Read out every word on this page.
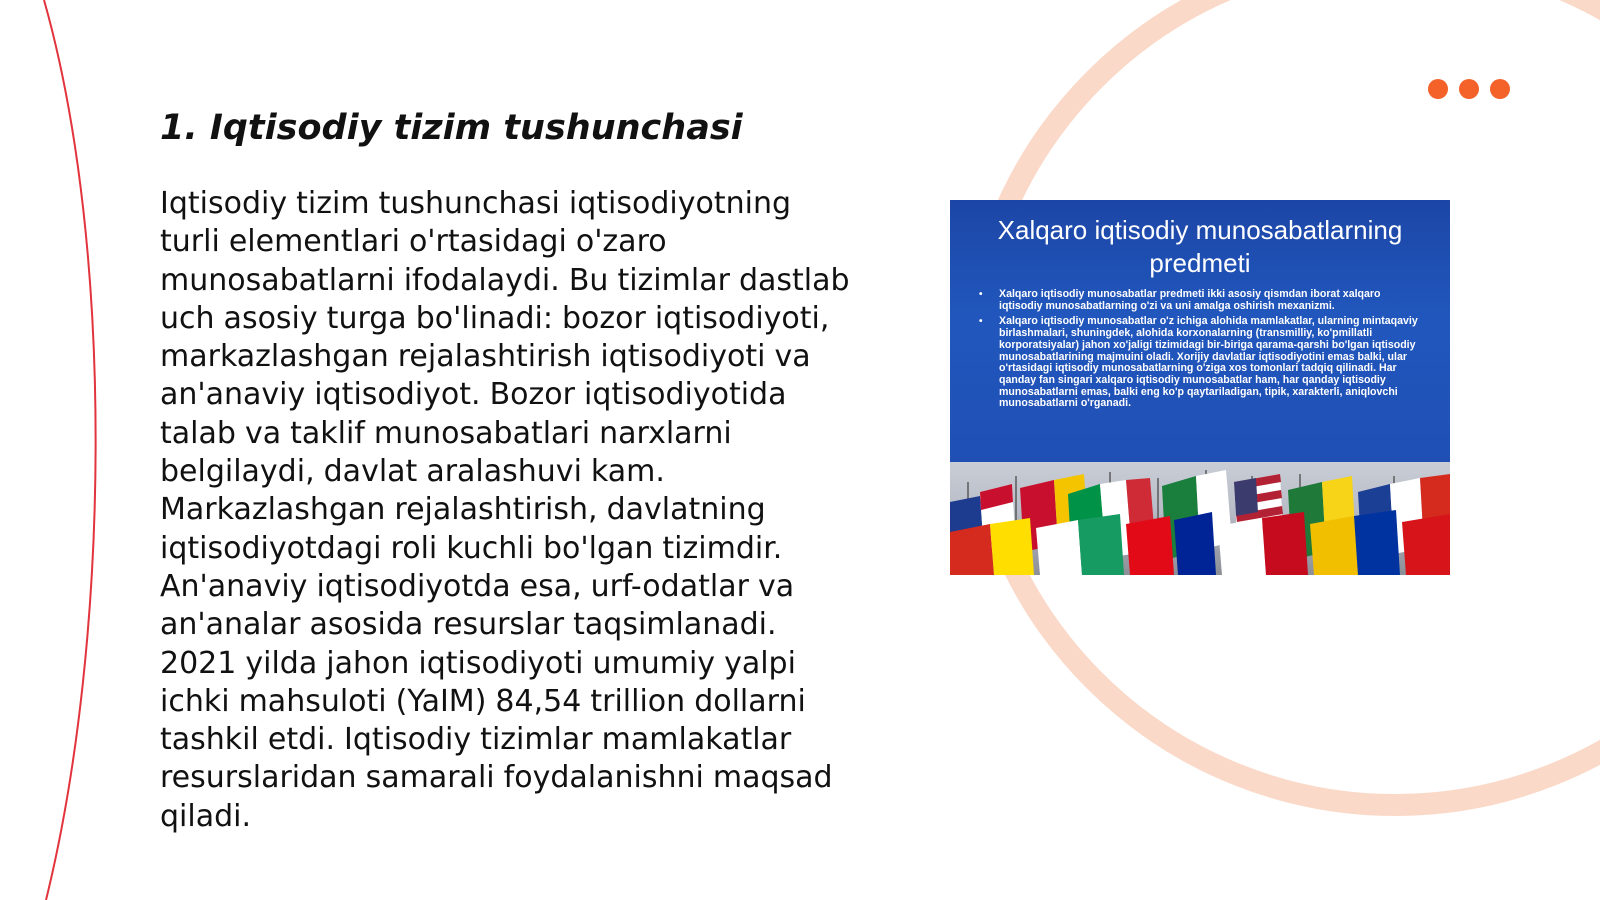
1. Iqtisodiy tizim tushunchasi

Iqtisodiy tizim tushunchasi iqtisodiyotning turli elementlari o'rtasidagi o'zaro munosabatlarni ifodalaydi. Bu tizimlar dastlab uch asosiy turga bo'linadi: bozor iqtisodiyoti, markazlashgan rejalashtirish iqtisodiyoti va an'anaviy iqtisodiyot. Bozor iqtisodiyotida talab va taklif munosabatlari narxlarni belgilaydi, davlat aralashuvi kam. Markazlashgan rejalashtirish, davlatning iqtisodiyotdagi roli kuchli bo'lgan tizimdir. An'anaviy iqtisodiyotda esa, urf-odatlar va an'analar asosida resurslar taqsimlanadi. 2021 yilda jahon iqtisodiyoti umumiy yalpi ichki mahsuloti (YaIM) 84,54 trillion dollarni tashkil etdi. Iqtisodiy tizimlar mamlakatlar resurslaridan samarali foydalanishni maqsad qiladi.

Xalqaro iqtisodiy munosabatlarning predmeti
• Xalqaro iqtisodiy munosabatlar predmeti ikki asosiy qismdan iborat xalqaro iqtisodiy munosabatlarning o'zi va uni amalga oshirish mexanizmi.
• Xalqaro iqtisodiy munosabatlar o'z ichiga alohida mamlakatlar, ularning mintaqaviy birlashmalari, shuningdek, alohida korxonalarning (transmilliy, ko'pmillatli korporatsiyalar) jahon xo'jaligi tizimidagi bir-biriga qarama-qarshi bo'lgan iqtisodiy munosabatlarining majmuini oladi. Xorijiy davlatlar iqtisodiyotini emas balki, ular o'rtasidagi iqtisodiy munosabatlarning o'ziga xos tomonlari tadqiq qilinadi. Har qanday fan singari xalqaro iqtisodiy munosabatlar ham, har qanday iqtisodiy munosabatlarni emas, balki eng ko'p qaytariladigan, tipik, xarakterli, aniqlovchi munosabatlarni o'rganadi.
